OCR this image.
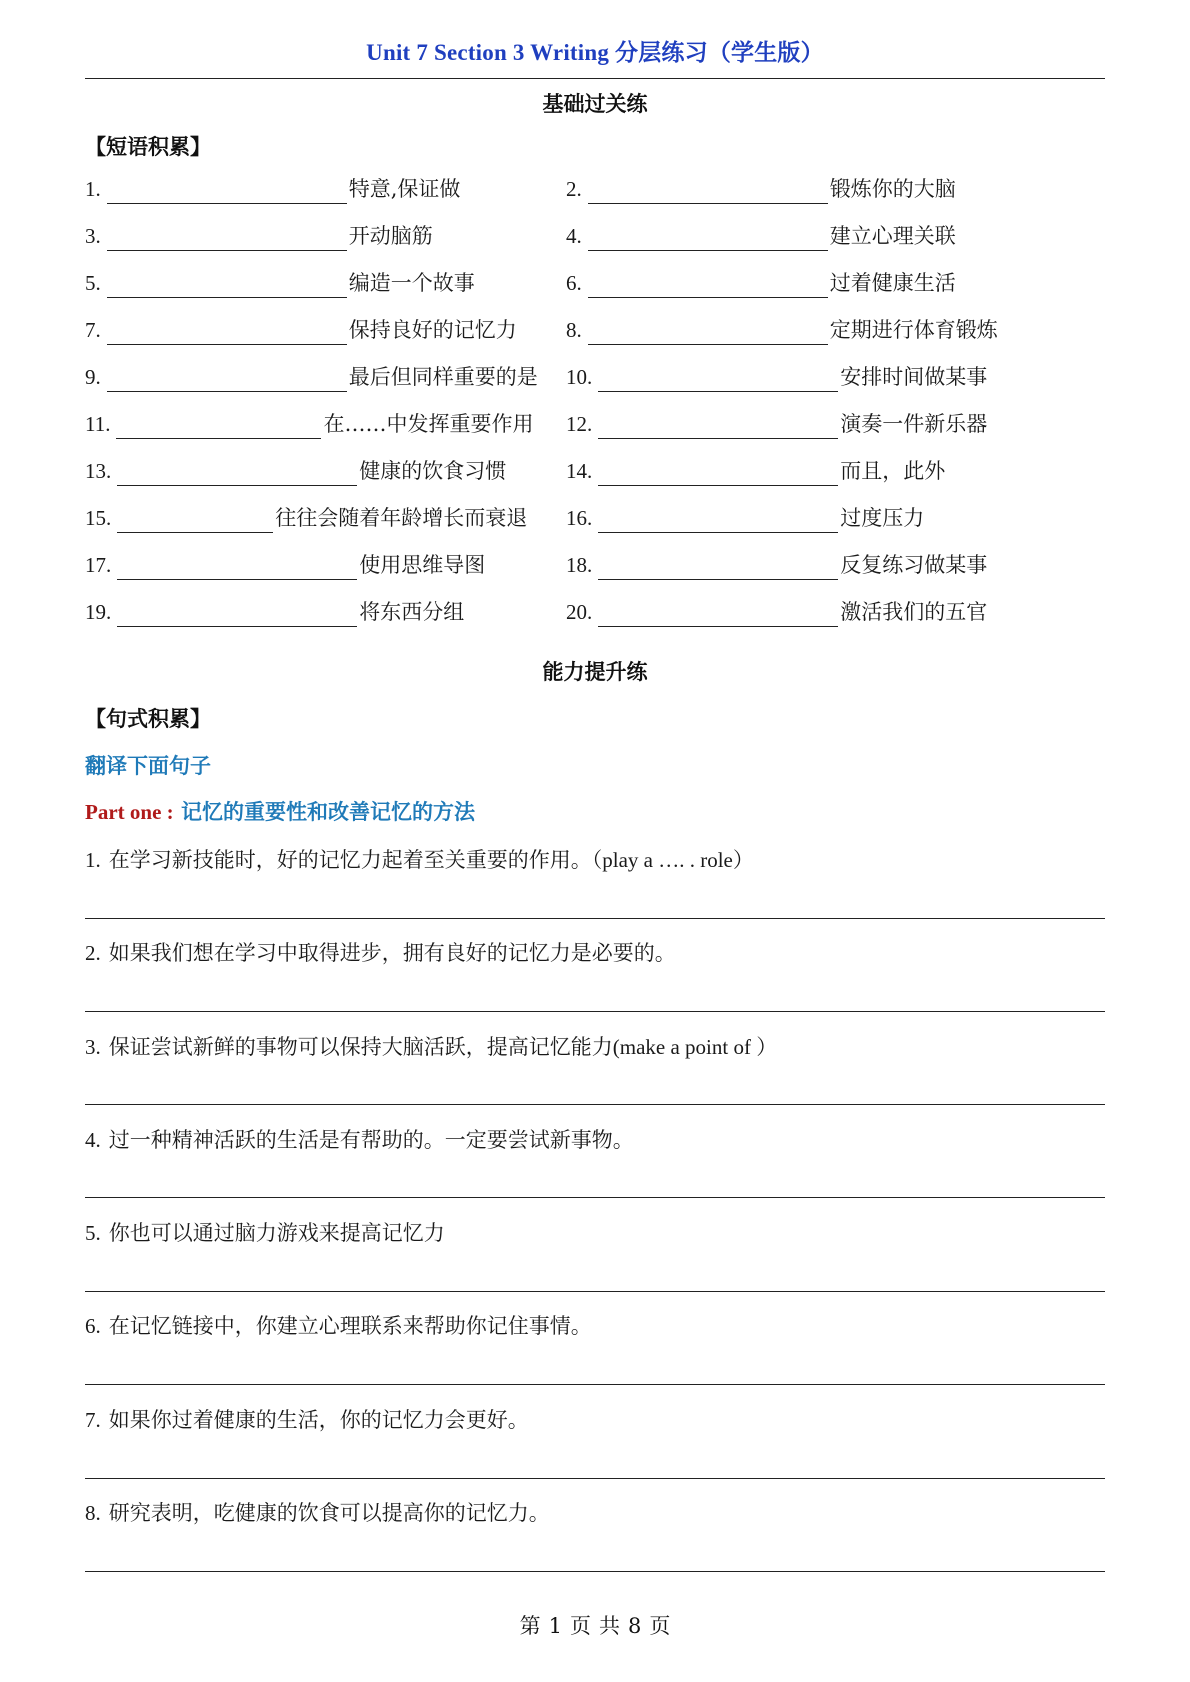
Unit 7 Section 3 Writing 分层练习（学生版）
基础过关练
【短语积累】
1.	特意,保证做	2.	锻炼你的大脑
3.	开动脑筋	4.	建立心理关联
5.	编造一个故事	6.	过着健康生活
7.	保持良好的记忆力 8.	定期进行体育锻炼
9.	最后但同样重要的是 10.	安排时间做某事
11.	在……中发挥重要作用 12.	演奏一件新乐器
13.	健康的饮食习惯	14.	而且，此外
15.	往往会随着年龄增长而衰退 16.	过度压力
17.	使用思维导图	18.	反复练习做某事
19.	将东西分组	20.	激活我们的五官
能力提升练
【句式积累】
翻译下面句子
Part one : 记忆的重要性和改善记忆的方法
1. 在学习新技能时，好的记忆力起着至关重要的作用。（play a …. . role）
2. 如果我们想在学习中取得进步，拥有良好的记忆力是必要的。
3. 保证尝试新鲜的事物可以保持大脑活跃，提高记忆能力(make a point of ）
4. 过一种精神活跃的生活是有帮助的。一定要尝试新事物。
5. 你也可以通过脑力游戏来提高记忆力
6. 在记忆链接中，你建立心理联系来帮助你记住事情。
7. 如果你过着健康的生活，你的记忆力会更好。
8. 研究表明，吃健康的饮食可以提高你的记忆力。
第 1 页 共 8 页
